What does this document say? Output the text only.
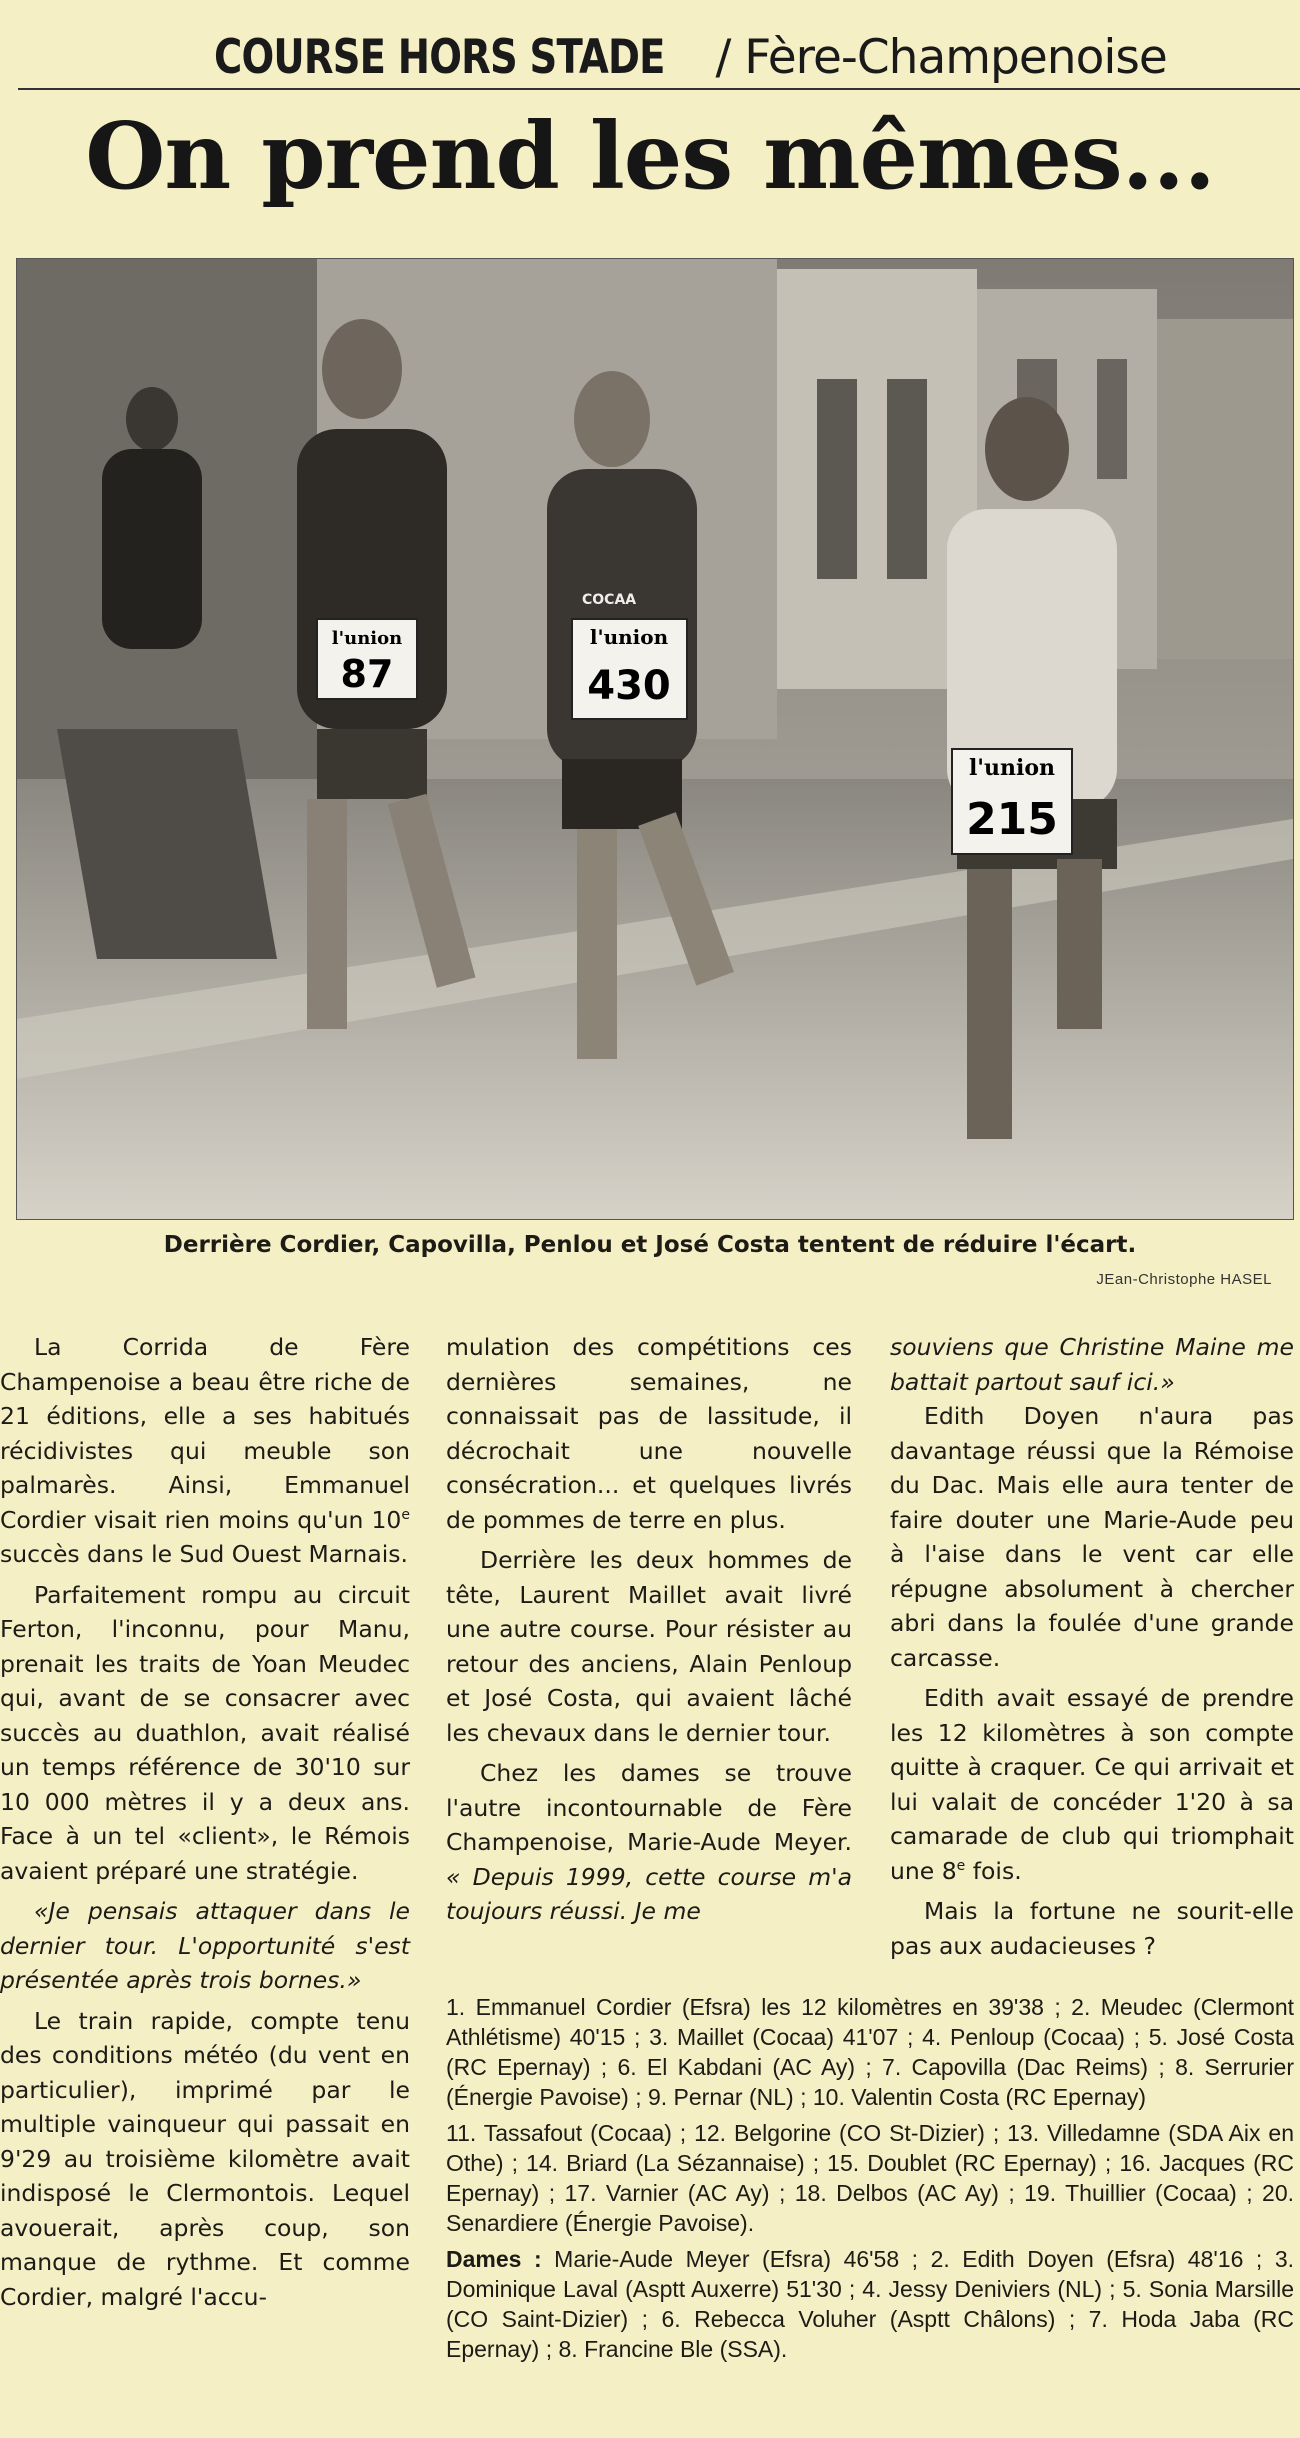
COURSE HORS STADE / Fère-Champenoise
On prend les mêmes...
l'union
87
l'union
430
COCAA
l'union
215
Derrière Cordier, Capovilla, Penlou et José Costa tentent de réduire l'écart.
JEan-Christophe HASEL

La Corrida de Fère Champenoise a beau être riche de 21 éditions, elle a ses habitués récidivistes qui meuble son palmarès. Ainsi, Emmanuel Cordier visait rien moins qu'un 10e succès dans le Sud Ouest Marnais.

Parfaitement rompu au circuit Ferton, l'inconnu, pour Manu, prenait les traits de Yoan Meudec qui, avant de se consacrer avec succès au duathlon, avait réalisé un temps référence de 30'10 sur 10 000 mètres il y a deux ans. Face à un tel «client», le Rémois avaient préparé une stratégie.

«Je pensais attaquer dans le dernier tour. L'opportunité s'est présentée après trois bornes.»

Le train rapide, compte tenu des conditions météo (du vent en particulier), imprimé par le multiple vainqueur qui passait en 9'29 au troisième kilomètre avait indisposé le Clermontois. Lequel avouerait, après coup, son manque de rythme. Et comme Cordier, malgré l'accu-

mulation des compétitions ces dernières semaines, ne connaissait pas de lassitude, il décrochait une nouvelle consécration... et quelques livrés de pommes de terre en plus.

Derrière les deux hommes de tête, Laurent Maillet avait livré une autre course. Pour résister au retour des anciens, Alain Penloup et José Costa, qui avaient lâché les chevaux dans le dernier tour.

Chez les dames se trouve l'autre incontournable de Fère Champenoise, Marie-Aude Meyer. « Depuis 1999, cette course m'a toujours réussi. Je me

souviens que Christine Maine me battait partout sauf ici.»

Edith Doyen n'aura pas davantage réussi que la Rémoise du Dac. Mais elle aura tenter de faire douter une Marie-Aude peu à l'aise dans le vent car elle répugne absolument à chercher abri dans la foulée d'une grande carcasse.

Edith avait essayé de prendre les 12 kilomètres à son compte quitte à craquer. Ce qui arrivait et lui valait de concéder 1'20 à sa camarade de club qui triomphait une 8e fois.

Mais la fortune ne sourit-elle pas aux audacieuses ?

1. Emmanuel Cordier (Efsra) les 12 kilomètres en 39'38 ; 2. Meudec (Clermont Athlétisme) 40'15 ; 3. Maillet (Cocaa) 41'07 ; 4. Penloup (Cocaa) ; 5. José Costa (RC Epernay) ; 6. El Kabdani (AC Ay) ; 7. Capovilla (Dac Reims) ; 8. Serrurier (Énergie Pavoise) ; 9. Pernar (NL) ; 10. Valentin Costa (RC Epernay)

11. Tassafout (Cocaa) ; 12. Belgorine (CO St-Dizier) ; 13. Villedamne (SDA Aix en Othe) ; 14. Briard (La Sézannaise) ; 15. Doublet (RC Epernay) ; 16. Jacques (RC Epernay) ; 17. Varnier (AC Ay) ; 18. Delbos (AC Ay) ; 19. Thuillier (Cocaa) ; 20. Senardiere (Énergie Pavoise).

Dames : Marie-Aude Meyer (Efsra) 46'58 ; 2. Edith Doyen (Efsra) 48'16 ; 3. Dominique Laval (Asptt Auxerre) 51'30 ; 4. Jessy Deniviers (NL) ; 5. Sonia Marsille (CO Saint-Dizier) ; 6. Rebecca Voluher (Asptt Châlons) ; 7. Hoda Jaba (RC Epernay) ; 8. Francine Ble (SSA).
